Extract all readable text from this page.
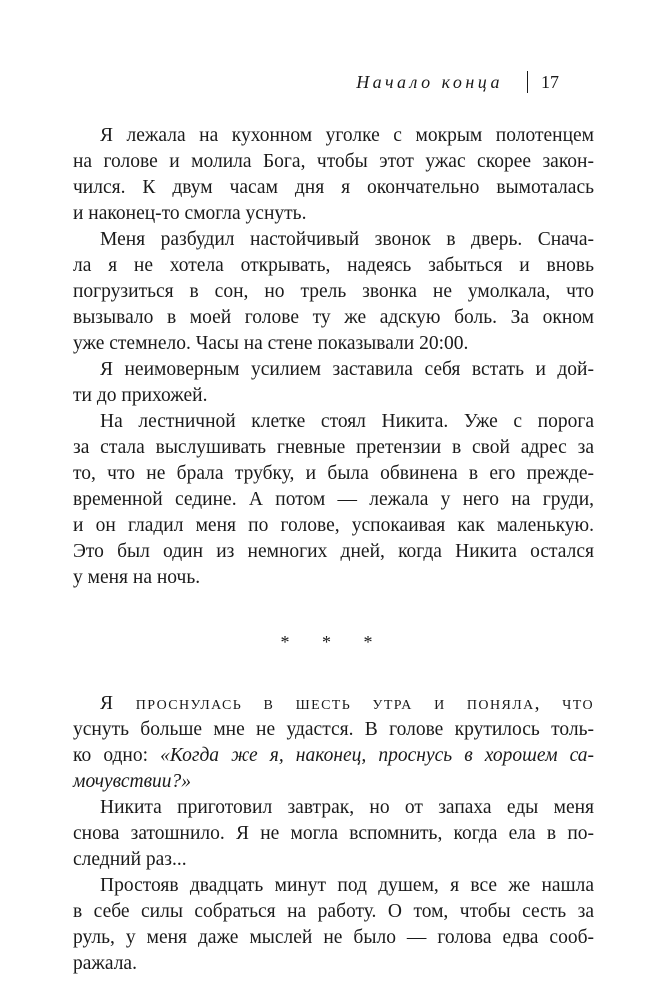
Начало конца 17
Я лежала на кухонном уголке с мокрым полотенцем
на голове и молила Бога, чтобы этот ужас скорее закон-
чился. К двум часам дня я окончательно вымоталась
и наконец-то смогла уснуть.
Меня разбудил настойчивый звонок в дверь. Снача-
ла я не хотела открывать, надеясь забыться и вновь
погрузиться в сон, но трель звонка не умолкала, что
вызывало в моей голове ту же адскую боль. За окном
уже стемнело. Часы на стене показывали 20:00.
Я неимоверным усилием заставила себя встать и дой-
ти до прихожей.
На лестничной клетке стоял Никита. Уже с порога
за стала выслушивать гневные претензии в свой адрес за
то, что не брала трубку, и была обвинена в его прежде-
временной седине. А потом — лежала у него на груди,
и он гладил меня по голове, успокаивая как маленькую.
Это был один из немногих дней, когда Никита остался
у меня на ночь.
* * *
Я проснулась в шесть утра и поняла, что
уснуть больше мне не удастся. В голове крутилось толь-
ко одно: «Когда же я, наконец, проснусь в хорошем са-
мочувствии?»
Никита приготовил завтрак, но от запаха еды меня
снова затошнило. Я не могла вспомнить, когда ела в по-
следний раз...
Простояв двадцать минут под душем, я все же нашла
в себе силы собраться на работу. О том, чтобы сесть за
руль, у меня даже мыслей не было — голова едва сооб-
ражала.
